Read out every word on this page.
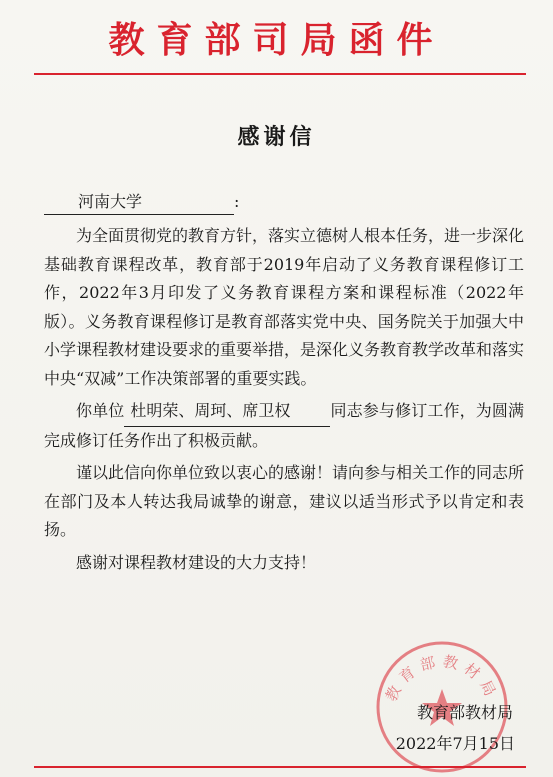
教育部司局函件
感谢信
河南大学	:

为全面贯彻党的教育方针，落实立德树人根本任务，进一步深化基础教育课程改革，教育部于2019年启动了义务教育课程修订工作，2022年3月印发了义务教育课程方案和课程标准（2022年版）。义务教育课程修订是教育部落实党中央、国务院关于加强大中小学课程教材建设要求的重要举措，是深化义务教育教学改革和落实中央“双减”工作决策部署的重要实践。

你单位 杜明荣、周珂、席卫权 同志参与修订工作，为圆满完成修订任务作出了积极贡献。

谨以此信向你单位致以衷心的感谢！请向参与相关工作的同志所在部门及本人转达我局诚挚的谢意，建议以适当形式予以肯定和表扬。

感谢对课程教材建设的大力支持！

教育部教材局
教育部教材局
2022年7月15日
